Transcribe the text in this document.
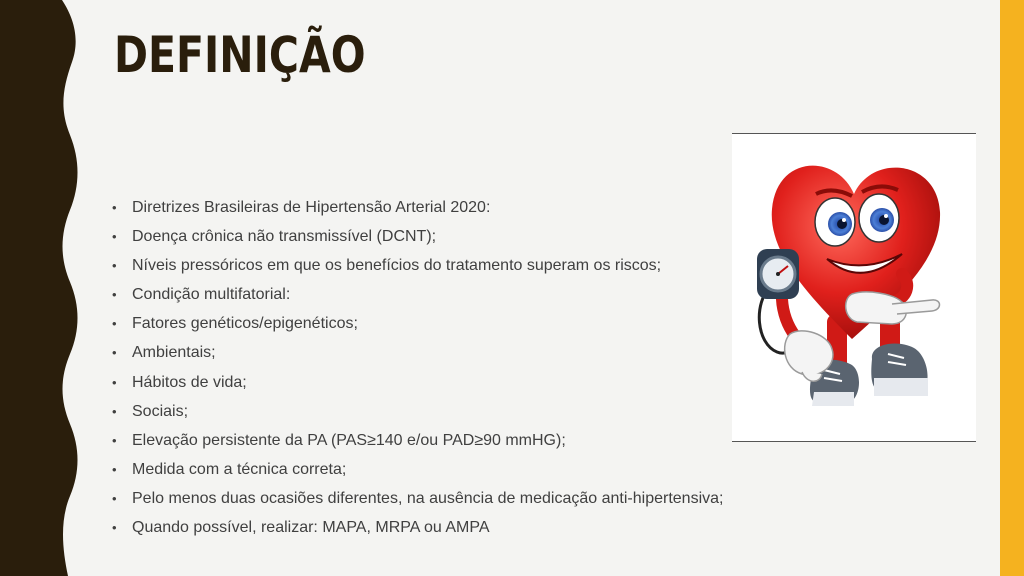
DEFINIÇÃO
• Diretrizes Brasileiras de Hipertensão Arterial 2020:
• Doença crônica não transmissível (DCNT);
• Níveis pressóricos em que os benefícios do tratamento superam os riscos;
• Condição multifatorial:
• Fatores genéticos/epigenéticos;
• Ambientais;
• Hábitos de vida;
• Sociais;
• Elevação persistente da PA (PAS≥140 e/ou PAD≥90 mmHG);
• Medida com a técnica correta;
• Pelo menos duas ocasiões diferentes, na ausência de medicação anti-hipertensiva;
• Quando possível, realizar: MAPA, MRPA ou AMPA
